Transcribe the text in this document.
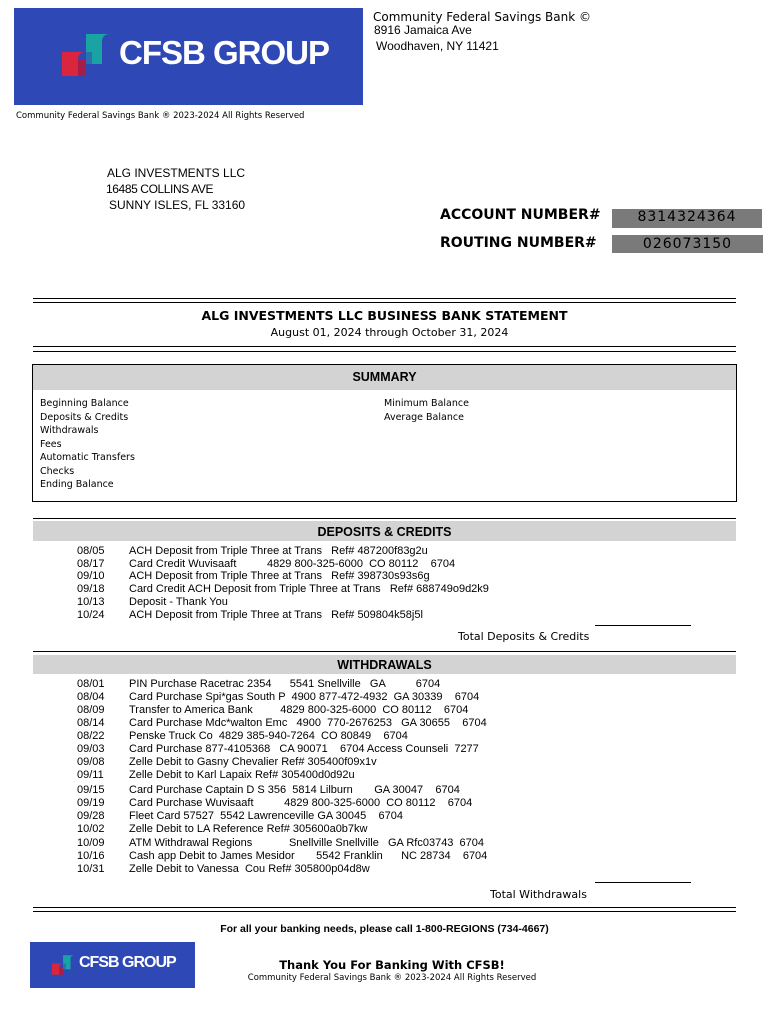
CFSB GROUP
Community Federal Savings Bank ©
8916 Jamaica Ave
Woodhaven, NY 11421
Community Federal Savings Bank ® 2023-2024 All Rights Reserved
ALG INVESTMENTS LLC
16485 COLLINS AVE
SUNNY ISLES, FL 33160
ACCOUNT NUMBER#	8314324364
ROUTING NUMBER#	026073150
ALG INVESTMENTS LLC BUSINESS BANK STATEMENT
August 01, 2024 through October 31, 2024
SUMMARY
Beginning Balance
Deposits & Credits
Withdrawals
Fees
Automatic Transfers
Checks
Ending Balance
Minimum Balance
Average Balance
DEPOSITS & CREDITS
08/05 ACH Deposit from Triple Three at Trans   Ref# 487200f83g2u
08/17 Card Credit Wuvisaaft          4829 800-325-6000  CO 80112    6704
09/10 ACH Deposit from Triple Three at Trans   Ref# 398730s93s6g
09/18 Card Credit ACH Deposit from Triple Three at Trans   Ref# 688749o9d2k9
10/13 Deposit - Thank You
10/24 ACH Deposit from Triple Three at Trans   Ref# 509804k58j5l
Total Deposits & Credits
WITHDRAWALS
08/01 PIN Purchase Racetrac 2354      5541 Snellville   GA          6704
08/04 Card Purchase Spi*gas South P  4900 877-472-4932  GA 30339    6704
08/09 Transfer to America Bank         4829 800-325-6000  CO 80112    6704
08/14 Card Purchase Mdc*walton Emc   4900  770-2676253   GA 30655    6704
08/22 Penske Truck Co  4829 385-940-7264  CO 80849    6704
09/03 Card Purchase 877-4105368   CA 90071    6704 Access Counseli  7277
09/08 Zelle Debit to Gasny Chevalier Ref# 305400f09x1v
09/11 Zelle Debit to Karl Lapaix Ref# 305400d0d92u
09/15 Card Purchase Captain D S 356  5814 Lilburn       GA 30047    6704
09/19 Card Purchase Wuvisaaft          4829 800-325-6000  CO 80112    6704
09/28 Fleet Card 57527  5542 Lawrenceville GA 30045    6704
10/02 Zelle Debit to LA Reference Ref# 305600a0b7kw
10/09 ATM Withdrawal Regions            Snellville Snellville   GA Rfc03743  6704
10/16 Cash app Debit to James Mesidor       5542 Franklin      NC 28734    6704
10/31 Zelle Debit to Vanessa  Cou Ref# 305800p04d8w
Total Withdrawals
For all your banking needs, please call 1-800-REGIONS (734-4667)
CFSB GROUP	Thank You For Banking With CFSB!
Community Federal Savings Bank ® 2023-2024 All Rights Reserved
